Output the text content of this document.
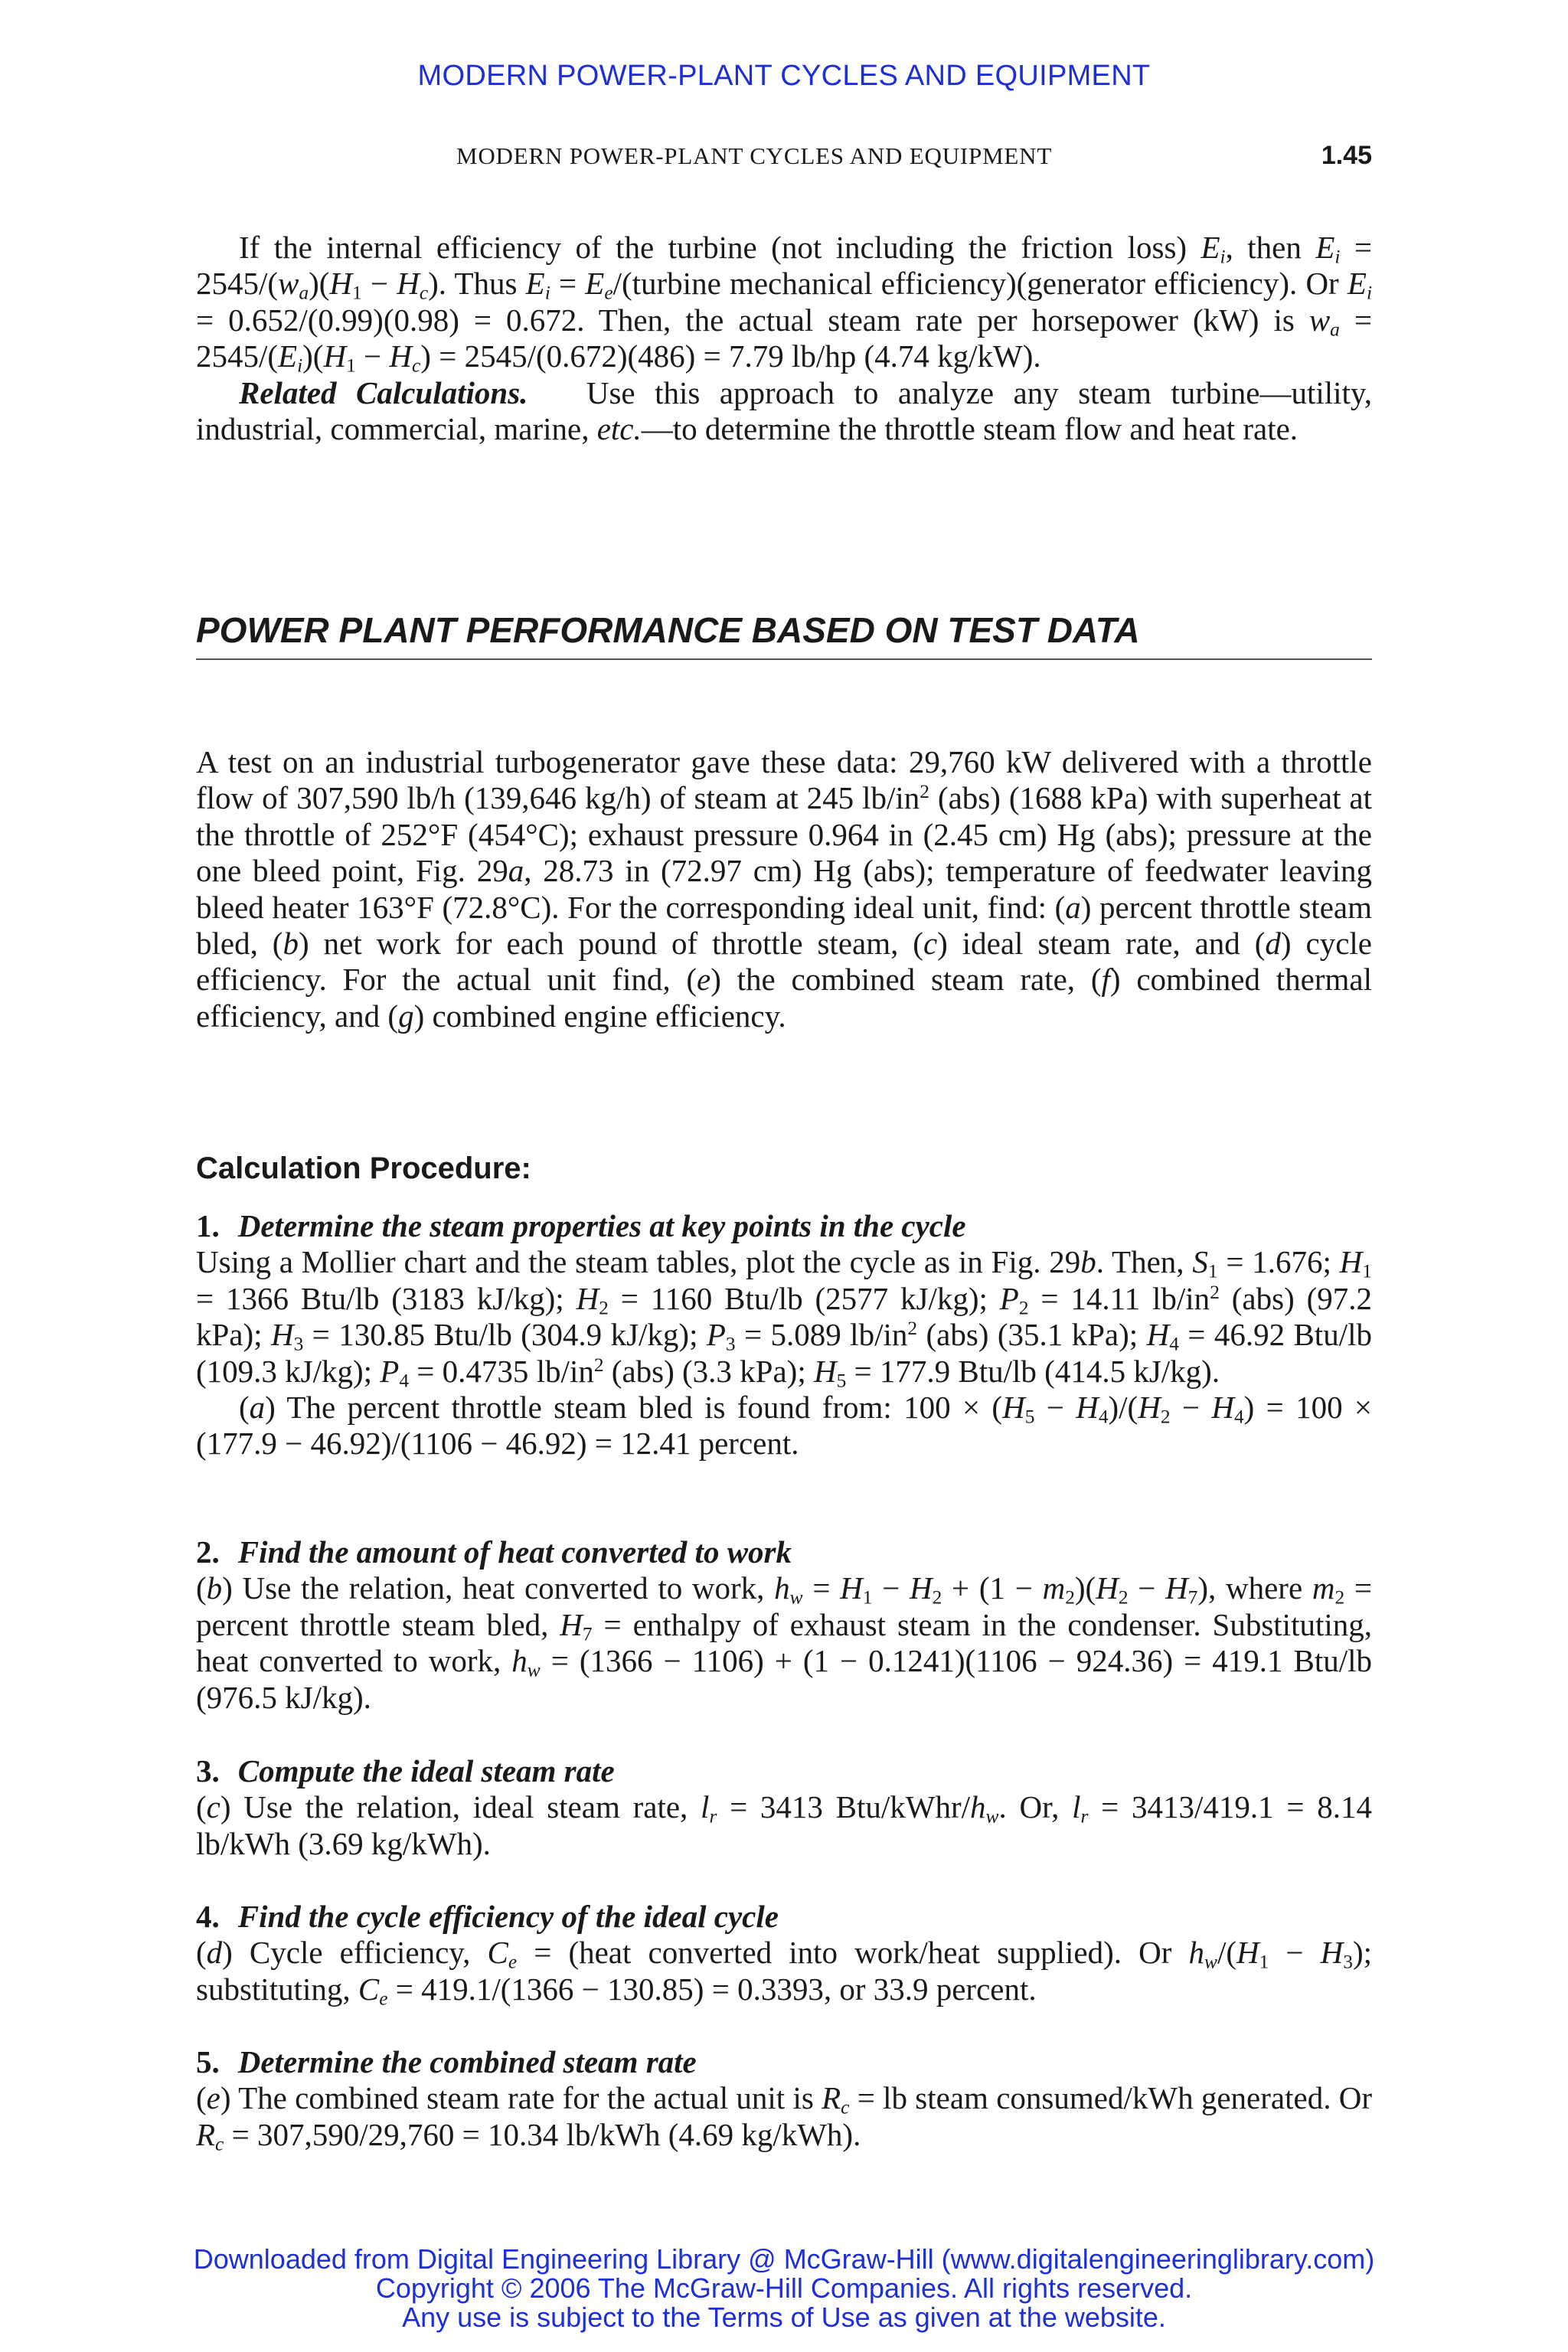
MODERN POWER-PLANT CYCLES AND EQUIPMENT
MODERN POWER-PLANT CYCLES AND EQUIPMENT	1.45

If the internal efficiency of the turbine (not including the friction loss) $E_i$, then $E_i = 2545/(w_a)(H_1 - H_c)$. Thus $E_i$ = $E_e/(turbine$ mechanical efficiency)(generator efficiency). Or $E_i = 0.652/(0.99)(0.98) = 0.672$. Then, the actual steam rate per horsepower (kW) is $w_a = 2545/(E_i)(H_1 - H_c) = 2545/(0.672)(486) = 7.79$ lb/hp (4.74 kg/kW).

Related Calculations.   Use this approach to analyze any steam turbine—utility, industrial, commercial, marine, etc.—to determine the throttle steam flow and heat rate.

POWER PLANT PERFORMANCE BASED ON TEST DATA

A test on an industrial turbogenerator gave these data: 29,760 kW delivered with a throttle flow of 307,590 lb/h (139,646 kg/h) of steam at 245 $lb/in^2$ (abs) (1688 kPa) with superheat at the throttle of 252°F (454°C); exhaust pressure 0.964 in (2.45 cm) Hg (abs); pressure at the one bleed point, Fig. 29a, 28.73 in (72.97 cm) Hg (abs); temperature of feedwater leaving bleed heater 163°F (72.8°C). For the corresponding ideal unit, find: (a) percent throttle steam bled, (b) net work for each pound of throttle steam, (c) ideal steam rate, and (d) cycle efficiency. For the actual unit find, (e) the combined steam rate, (f) combined thermal efficiency, and (g) combined engine efficiency.

Calculation Procedure:

1. Determine the steam properties at key points in the cycle

Using a Mollier chart and the steam tables, plot the cycle as in Fig. 29b. Then, $S_1 = 1.676$; $H_1 = 1366$ Btu/lb (3183 kJ/kg); $H_2 = 1160$ Btu/lb (2577 kJ/kg); $P_2 = 14.11$ $lb/in^2$ (abs) (97.2 kPa); $H_3 = 130.85$ Btu/lb (304.9 kJ/kg); $P_3 = 5.089$ $lb/in^2$ (abs) (35.1 kPa); $H_4 = 46.92$ Btu/lb (109.3 kJ/kg); $P_4 = 0.4735$ $lb/in^2$ (abs) (3.3 kPa); $H_5 = 177.9$ Btu/lb (414.5 kJ/kg).

(a) The percent throttle steam bled is found from: $100 \times (H_5 - H_4)/(H_2 - H_4) = 100 \times (177.9 - 46.92)/(1106 - 46.92) = 12.41$ percent.

2. Find the amount of heat converted to work

(b) Use the relation, heat converted to work, $h_w = H_1 - H_2 + (1 - m_2)(H_2 - H_7)$, where $m_2$ = percent throttle steam bled, $H_7$ = enthalpy of exhaust steam in the condenser. Substituting, heat converted to work, $h_w = (1366 - 1106) + (1 - 0.1241)(1106 - 924.36) = 419.1$ Btu/lb (976.5 kJ/kg).

3. Compute the ideal steam rate

(c) Use the relation, ideal steam rate, $l_r = 3413$ Btu/$kWhr/h_w$. Or, $l_r = 3413/419.1 = 8.14$ lb/kWh (3.69 kg/kWh).

4. Find the cycle efficiency of the ideal cycle

(d) Cycle efficiency, $C_e$ = (heat converted into work/heat supplied). Or $h_w/(H_1 - H_3)$; substituting, $C_e = 419.1/(1366 - 130.85) = 0.3393$, or 33.9 percent.

5. Determine the combined steam rate

(e) The combined steam rate for the actual unit is $R_c$ = lb steam consumed/kWh generated. Or $R_c = 307,590/29,760 = 10.34$ lb/kWh (4.69 kg/kWh).

Downloaded from Digital Engineering Library @ McGraw-Hill (www.digitalengineeringlibrary.com)
Copyright © 2006 The McGraw-Hill Companies. All rights reserved.
Any use is subject to the Terms of Use as given at the website.
